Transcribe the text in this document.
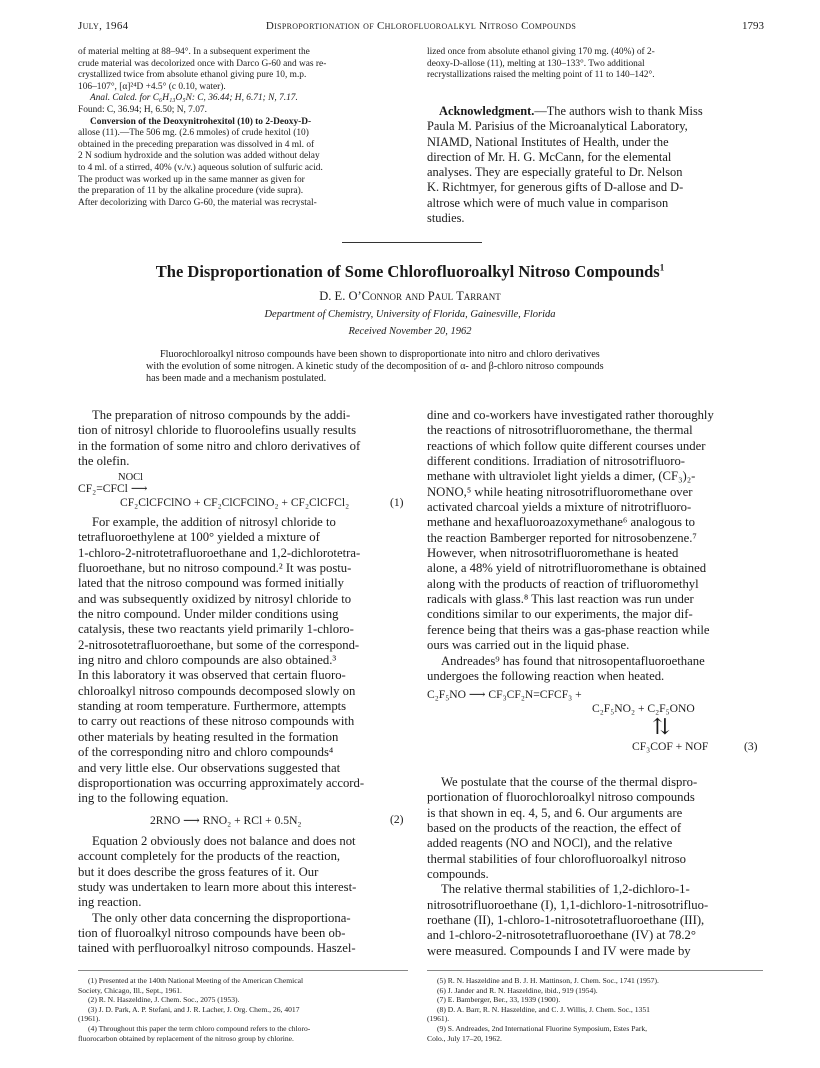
July, 1964	Disproportionation of Chlorofluoroalkyl Nitroso Compounds	1793
of material melting at 88–94°. In a subsequent experiment the
crude material was decolorized once with Darco G-60 and was re-
crystallized twice from absolute ethanol giving pure 10, m.p.
106–107°, [α]²⁴D +4.5° (c 0.10, water).
Anal. Calcd. for C₆H₁₃O₅N: C, 36.44; H, 6.71; N, 7.17.
Found: C, 36.94; H, 6.50; N, 7.07.
Conversion of the Deoxynitrohexitol (10) to 2-Deoxy-D-
allose (11).—The 506 mg. (2.6 mmoles) of crude hexitol (10)
obtained in the preceding preparation was dissolved in 4 ml. of
2 N sodium hydroxide and the solution was added without delay
to 4 ml. of a stirred, 40% (v./v.) aqueous solution of sulfuric acid.
The product was worked up in the same manner as given for
the preparation of 11 by the alkaline procedure (vide supra).
After decolorizing with Darco G-60, the material was recrystal-
lized once from absolute ethanol giving 170 mg. (40%) of 2-
deoxy-D-allose (11), melting at 130–133°. Two additional
recrystallizations raised the melting point of 11 to 140–142°.
Acknowledgment.—The authors wish to thank Miss
Paula M. Parisius of the Microanalytical Laboratory,
NIAMD, National Institutes of Health, under the
direction of Mr. H. G. McCann, for the elemental
analyses. They are especially grateful to Dr. Nelson
K. Richtmyer, for generous gifts of D-allose and D-
altrose which were of much value in comparison
studies.
The Disproportionation of Some Chlorofluoroalkyl Nitroso Compounds$^1$
D. E. O’Connor and Paul Tarrant
Department of Chemistry, University of Florida, Gainesville, Florida
Received November 20, 1962
Fluorochloroalkyl nitroso compounds have been shown to disproportionate into nitro and chloro derivatives
with the evolution of some nitrogen. A kinetic study of the decomposition of α- and β-chloro nitroso compounds
has been made and a mechanism postulated.
The preparation of nitroso compounds by the addi-
tion of nitrosyl chloride to fluoroolefins usually results
in the formation of some nitro and chloro derivatives of
the olefin.
NOCl
CF₂=CFCl ⟶
CF₂ClCFClNO + CF₂ClCFClNO₂ + CF₂ClCFCl₂	(1)
For example, the addition of nitrosyl chloride to
tetrafluoroethylene at 100° yielded a mixture of
1-chloro-2-nitrotetrafluoroethane and 1,2-dichlorotetra-
fluoroethane, but no nitroso compound.² It was postu-
lated that the nitroso compound was formed initially
and was subsequently oxidized by nitrosyl chloride to
the nitro compound. Under milder conditions using
catalysis, these two reactants yield primarily 1-chloro-
2-nitrosotetrafluoroethane, but some of the correspond-
ing nitro and chloro compounds are also obtained.³
In this laboratory it was observed that certain fluoro-
chloroalkyl nitroso compounds decomposed slowly on
standing at room temperature. Furthermore, attempts
to carry out reactions of these nitroso compounds with
other materials by heating resulted in the formation
of the corresponding nitro and chloro compounds⁴
and very little else. Our observations suggested that
disproportionation was occurring approximately accord-
ing to the following equation.
2RNO ⟶ RNO₂ + RCl + 0.5N₂	(2)
Equation 2 obviously does not balance and does not
account completely for the products of the reaction,
but it does describe the gross features of it. Our
study was undertaken to learn more about this interest-
ing reaction.
The only other data concerning the disproportiona-
tion of fluoroalkyl nitroso compounds have been ob-
tained with perfluoroalkyl nitroso compounds. Haszel-
dine and co-workers have investigated rather thoroughly
the reactions of nitrosotrifluoromethane, the thermal
reactions of which follow quite different courses under
different conditions. Irradiation of nitrosotrifluoro-
methane with ultraviolet light yields a dimer, (CF₃)₂-
NONO,⁵ while heating nitrosotrifluoromethane over
activated charcoal yields a mixture of nitrotrifluoro-
methane and hexafluoroazoxymethane⁶ analogous to
the reaction Bamberger reported for nitrosobenzene.⁷
However, when nitrosotrifluoromethane is heated
alone, a 48% yield of nitrotrifluoromethane is obtained
along with the products of reaction of trifluoromethyl
radicals with glass.⁸ This last reaction was run under
conditions similar to our experiments, the major dif-
ference being that theirs was a gas-phase reaction while
ours was carried out in the liquid phase.
Andreades⁹ has found that nitrosopentafluoroethane
undergoes the following reaction when heated.
C₂F₅NO ⟶ CF₃CF₂N=CFCF₃ +
C₂F₅NO₂ + C₂F₅ONO
⇅
CF₃COF + NOF	(3)
We postulate that the course of the thermal dispro-
portionation of fluorochloroalkyl nitroso compounds
is that shown in eq. 4, 5, and 6. Our arguments are
based on the products of the reaction, the effect of
added reagents (NO and NOCl), and the relative
thermal stabilities of four chlorofluoroalkyl nitroso
compounds.
The relative thermal stabilities of 1,2-dichloro-1-
nitrosotrifluoroethane (I), 1,1-dichloro-1-nitrosotrifluo-
roethane (II), 1-chloro-1-nitrosotetrafluoroethane (III),
and 1-chloro-2-nitrosotetrafluoroethane (IV) at 78.2°
were measured. Compounds I and IV were made by
(1) Presented at the 140th National Meeting of the American Chemical
Society, Chicago, Ill., Sept., 1961.
(2) R. N. Haszeldine, J. Chem. Soc., 2075 (1953).
(3) J. D. Park, A. P. Stefani, and J. R. Lacher, J. Org. Chem., 26, 4017
(1961).
(4) Throughout this paper the term chloro compound refers to the chloro-
fluorocarbon obtained by replacement of the nitroso group by chlorine.
(5) R. N. Haszeldine and B. J. H. Mattinson, J. Chem. Soc., 1741 (1957).
(6) J. Jander and R. N. Haszeldine, ibid., 919 (1954).
(7) E. Bamberger, Ber., 33, 1939 (1900).
(8) D. A. Barr, R. N. Haszeldine, and C. J. Willis, J. Chem. Soc., 1351
(1961).
(9) S. Andreades, 2nd International Fluorine Symposium, Estes Park,
Colo., July 17–20, 1962.
